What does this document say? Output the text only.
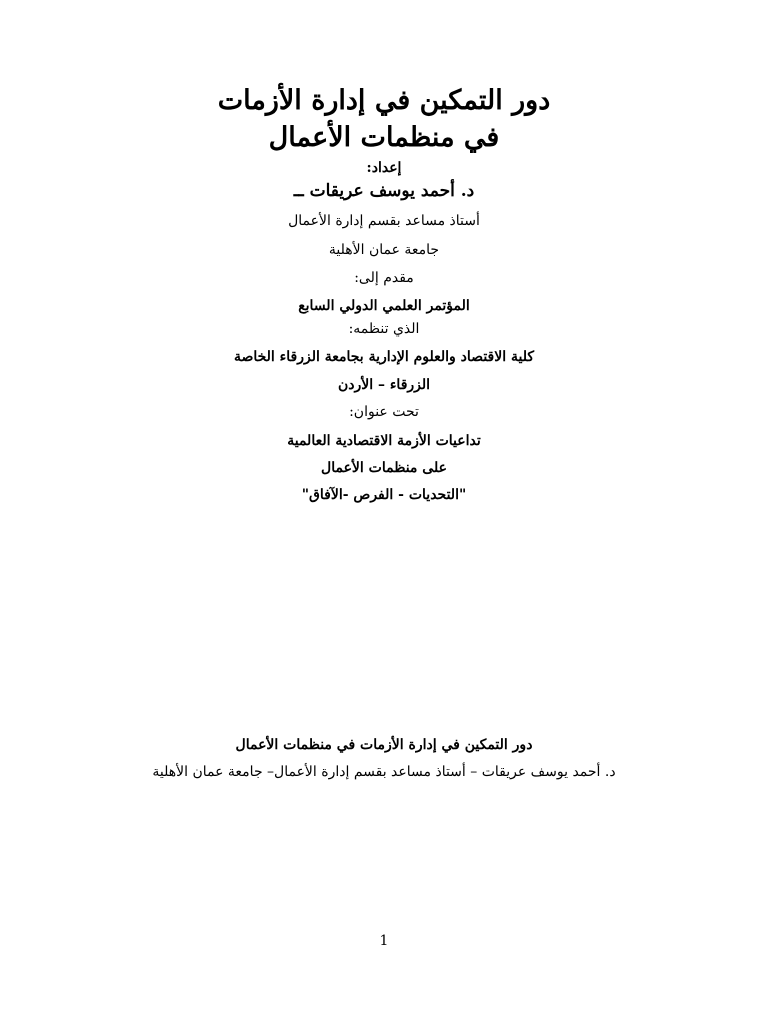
دور التمكين في إدارة الأزمات
في منظمات الأعمال
إعداد:
د. أحمد يوسف عريقات ــ
أستاذ مساعد بقسم إدارة الأعمال
جامعة عمان الأهلية
مقدم إلى:
المؤتمر العلمي الدولي السابع
الذي تنظمه:
كلية الاقتصاد والعلوم الإدارية بجامعة الزرقاء الخاصة
الزرقاء – الأردن
تحت عنوان:
تداعيات الأزمة الاقتصادية العالمية
على منظمات الأعمال
"التحديات - الفرص -الآفاق"
دور التمكين في إدارة الأزمات في منظمات الأعمال
د. أحمد يوسف عريقات – أستاذ مساعد بقسم إدارة الأعمال– جامعة عمان الأهلية
1
